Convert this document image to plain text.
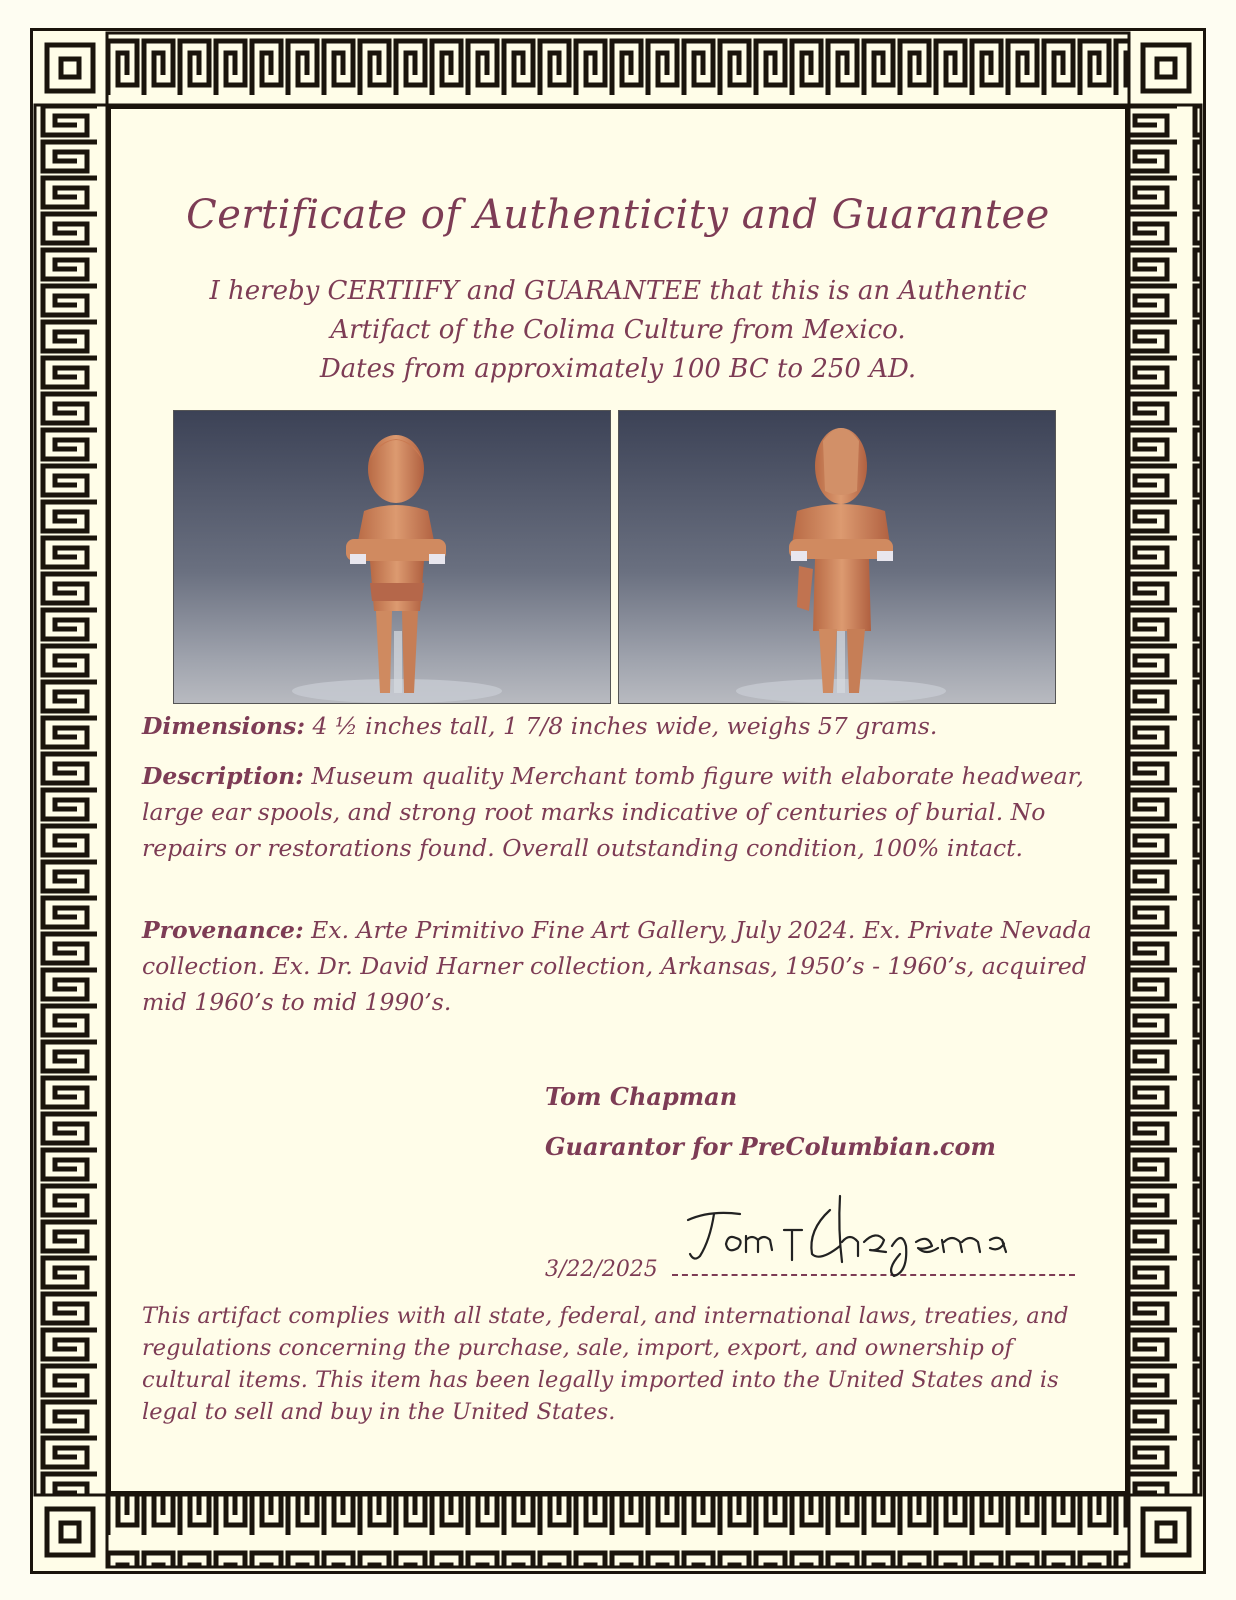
Certificate of Authenticity and Guarantee
I hereby CERTIIFY and GUARANTEE that this is an Authentic
Artifact of the Colima Culture from Mexico.
Dates from approximately 100 BC to 250 AD.
Dimensions: 4 ½ inches tall, 1 7/8 inches wide, weighs 57 grams.
Description: Museum quality Merchant tomb figure with elaborate headwear, large ear spools, and strong root marks indicative of centuries of burial. No repairs or restorations found. Overall outstanding condition, 100% intact.
Provenance: Ex. Arte Primitivo Fine Art Gallery, July 2024. Ex. Private Nevada collection. Ex. Dr. David Harner collection, Arkansas, 1950’s - 1960’s, acquired mid 1960’s to mid 1990’s.
Tom Chapman
Guarantor for PreColumbian.com
3/22/2025
This artifact complies with all state, federal, and international laws, treaties, and regulations concerning the purchase, sale, import, export, and ownership of cultural items. This item has been legally imported into the United States and is legal to sell and buy in the United States.
